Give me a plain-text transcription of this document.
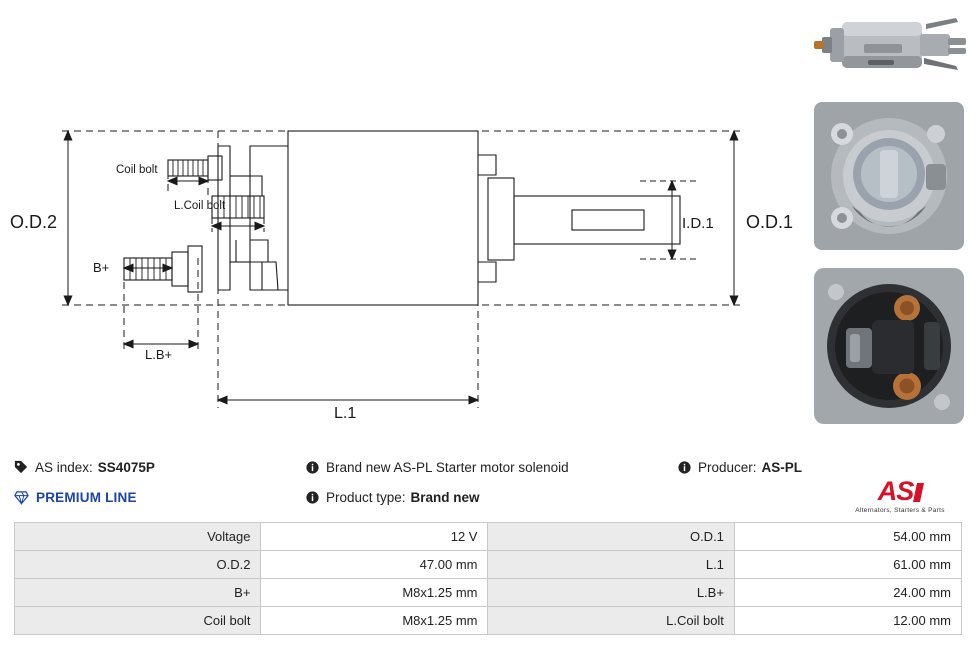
O.D.2	O.D.1
I.D.1
Coil bolt
L.Coil bolt
B+
L.B+
L.1
AS index: SS4075P	Brand new AS-PL Starter motor solenoid	Producer: AS-PL
PREMIUM LINE	Product type: Brand new	AS
Alternators, Starters & Parts
Voltage	12 V	O.D.1	54.00 mm
O.D.2	47.00 mm	L.1	61.00 mm
B+	M8x1.25 mm	L.B+	24.00 mm
Coil bolt	M8x1.25 mm	L.Coil bolt	12.00 mm
